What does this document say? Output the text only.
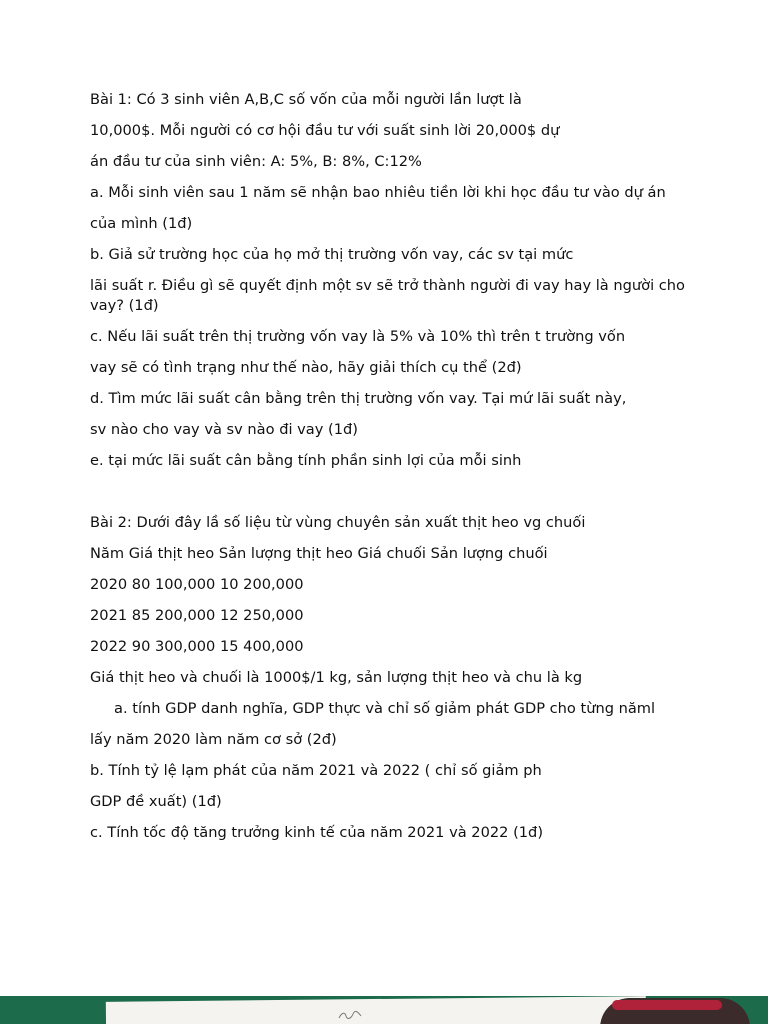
Bài 1: Có 3 sinh viên A,B,C số vốn của mỗi người lần lượt là
10,000$. Mỗi người có cơ hội đầu tư với suất sinh lời 20,000$ dự
án đầu tư của sinh viên: A: 5%, B: 8%, C:12%
a. Mỗi sinh viên sau 1 năm sẽ nhận bao nhiêu tiền lời khi học đầu tư vào dự án
của mình (1đ)
b. Giả sử trường học của họ mở thị trường vốn vay, các sv tại mức
lãi suất r. Điều gì sẽ quyết định một sv sẽ trở thành người đi vay hay là người cho vay? (1đ)
c. Nếu lãi suất trên thị trường vốn vay là 5% và 10% thì trên t trường vốn
vay sẽ có tình trạng như thế nào, hãy giải thích cụ thể (2đ)
d. Tìm mức lãi suất cân bằng trên thị trường vốn vay. Tại mứ lãi suất này,
sv nào cho vay và sv nào đi vay (1đ)
e. tại mức lãi suất cân bằng tính phần sinh lợi của mỗi sinh
Bài 2: Dưới đây lầ số liệu từ vùng chuyên sản xuất thịt heo vg chuối
Năm Giá thịt heo Sản lượng thịt heo Giá chuối Sản lượng chuối
2020 80 100,000 10 200,000
2021 85 200,000 12 250,000
2022 90 300,000 15 400,000
Giá thịt heo và chuối là 1000$/1 kg, sản lượng thịt heo và chu là kg
a. tính GDP danh nghĩa, GDP thực và chỉ số giảm phát GDP cho từng năml
lấy năm 2020 làm năm cơ sở (2đ)
b. Tính tỷ lệ lạm phát của năm 2021 và 2022 ( chỉ số giảm ph
GDP đề xuất) (1đ)
c. Tính tốc độ tăng trưởng kinh tế của năm 2021 và 2022 (1đ)
